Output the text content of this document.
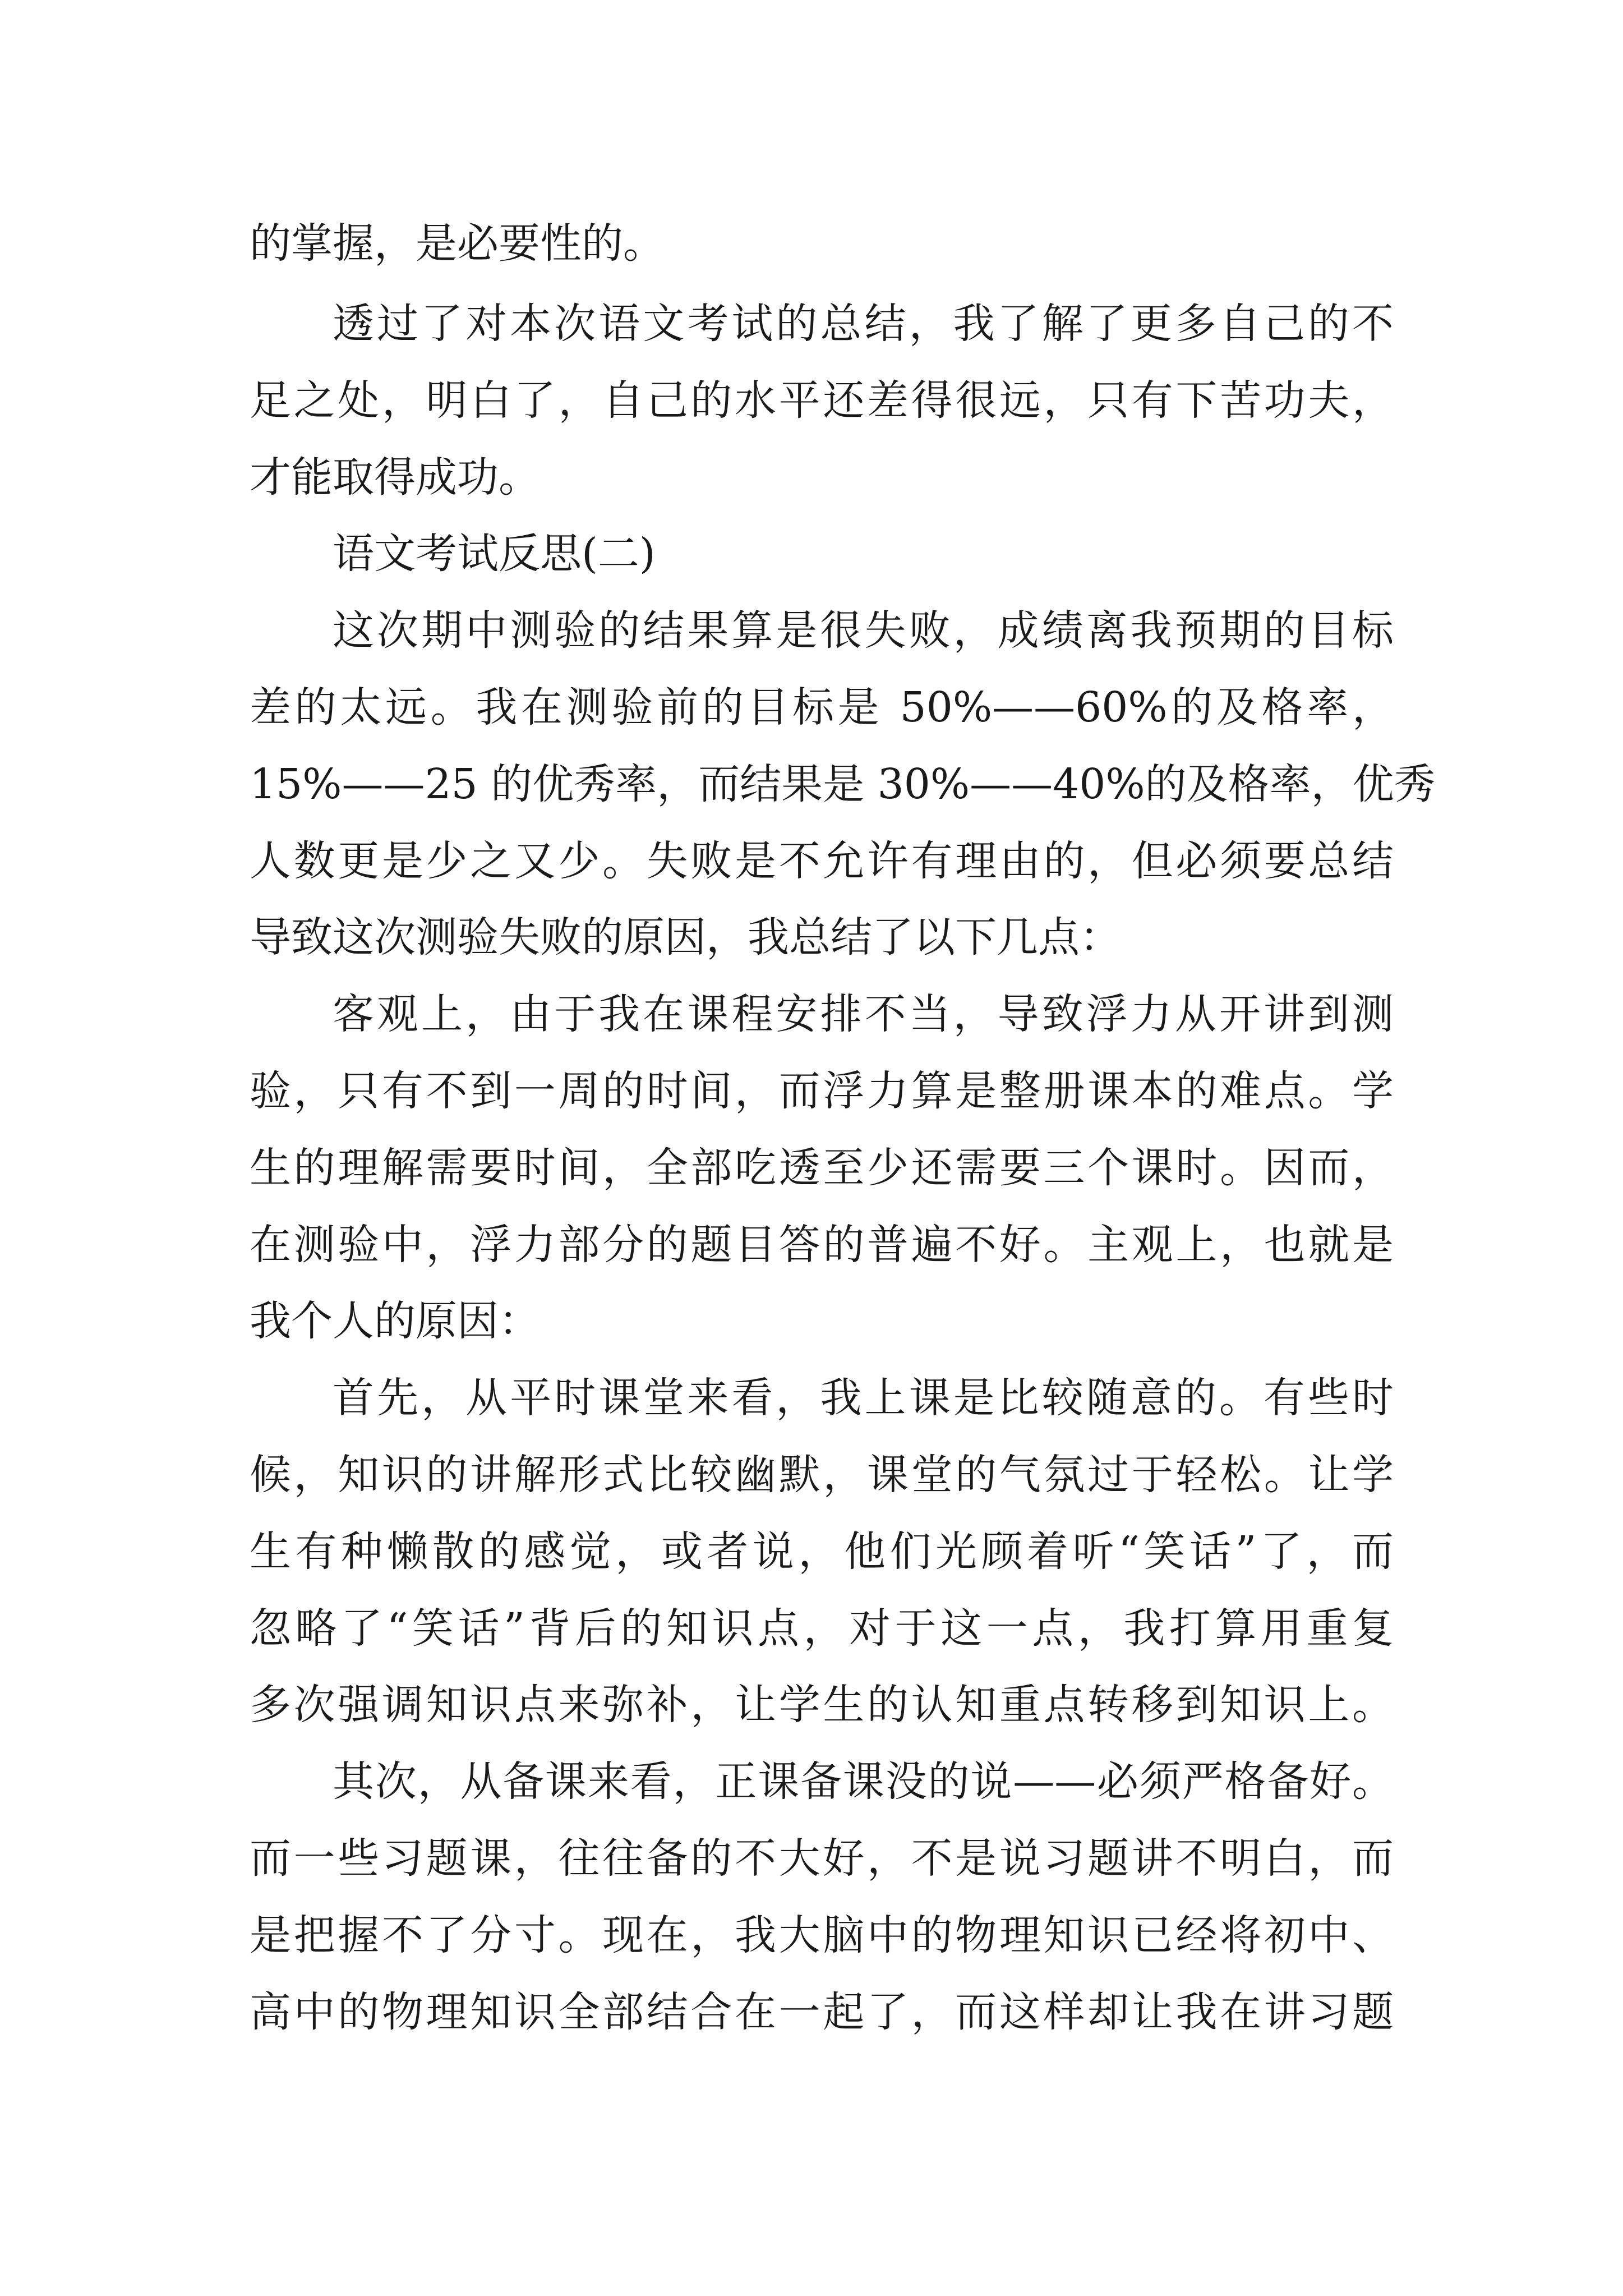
的掌握，是必要性的。

透过了对本次语文考试的总结，我了解了更多自己的不

足之处，明白了，自己的水平还差得很远，只有下苦功夫，

才能取得成功。

语文考试反思(二)

这次期中测验的结果算是很失败，成绩离我预期的目标

差的太远。我在测验前的目标是 50%——60%的及格率，

15%——25 的优秀率，而结果是 30%——40%的及格率，优秀

人数更是少之又少。失败是不允许有理由的，但必须要总结

导致这次测验失败的原因，我总结了以下几点：

客观上，由于我在课程安排不当，导致浮力从开讲到测

验，只有不到一周的时间，而浮力算是整册课本的难点。学

生的理解需要时间，全部吃透至少还需要三个课时。因而，

在测验中，浮力部分的题目答的普遍不好。主观上，也就是

我个人的原因：

首先，从平时课堂来看，我上课是比较随意的。有些时

候，知识的讲解形式比较幽默，课堂的气氛过于轻松。让学

生有种懒散的感觉，或者说，他们光顾着听“笑话”了，而

忽略了“笑话”背后的知识点，对于这一点，我打算用重复

多次强调知识点来弥补，让学生的认知重点转移到知识上。

其次，从备课来看，正课备课没的说——必须严格备好。

而一些习题课，往往备的不大好，不是说习题讲不明白，而

是把握不了分寸。现在，我大脑中的物理知识已经将初中、

高中的物理知识全部结合在一起了，而这样却让我在讲习题
